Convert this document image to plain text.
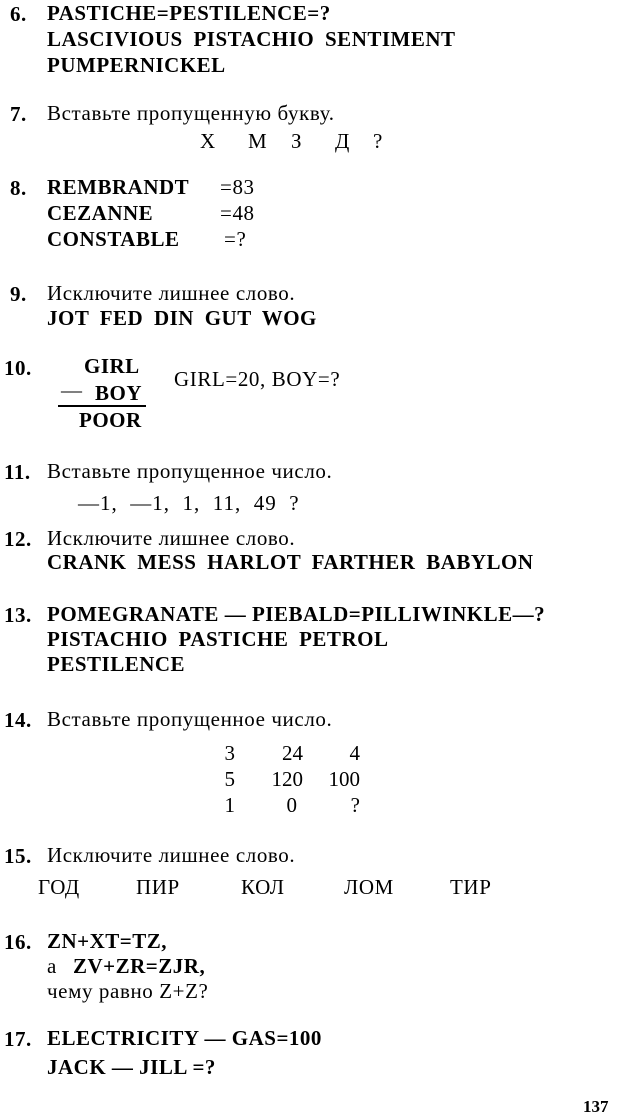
6. PASTICHE=PESTILENCE=?
LASCIVIOUS PISTACHIO SENTIMENT
PUMPERNICKEL
7. Вставьте пропущенную букву.
Х М З Д ?
8. REMBRANDT =83
CEZANNE	=48
CONSTABLE =?
9. Исключите лишнее слово.
JOT FED DIN GUT WOG
10. GIRL
— BOY
POOR
GIRL=20, BOY=?
11. Вставьте пропущенное число.
—1,  —1,  1,  11,  49  ?
12. Исключите лишнее слово.
CRANK MESS HARLOT FARTHER BABYLON
13. POMEGRANATE — PIEBALD=PILLIWINKLE—?
PISTACHIO PASTICHE PETROL
PESTILENCE
14. Вставьте пропущенное число.
3	24	4
5	120	100
1	0	?
15. Исключите лишнее слово.
ГОД	ПИР	КОЛ	ЛОМ	ТИР
16. ZN+XT=TZ,
а ZV+ZR=ZJR,
чему равно Z+Z?
17. ELECTRICITY — GAS=100
JACK — JILL =?
137
